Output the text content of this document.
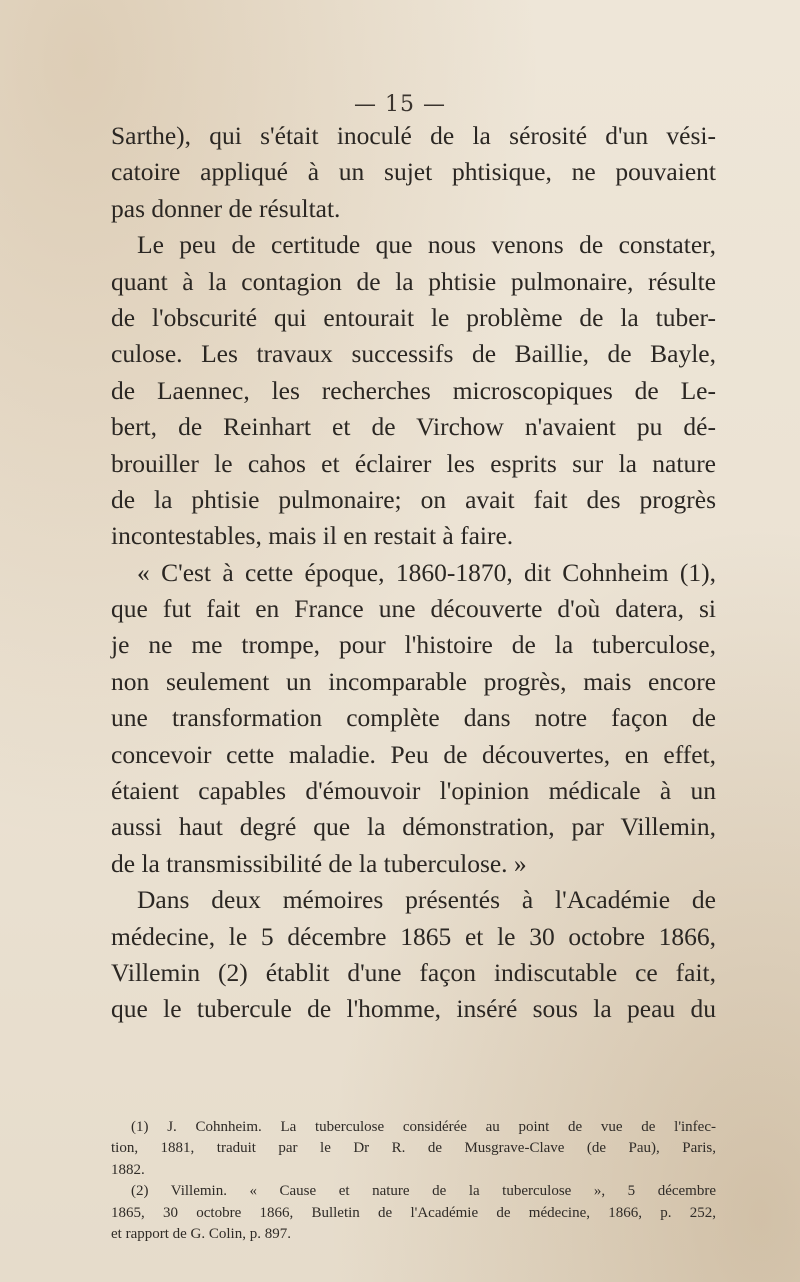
— 15 —
Sarthe), qui s'était inoculé de la sérosité d'un vési-
catoire appliqué à un sujet phtisique, ne pouvaient
pas donner de résultat.
Le peu de certitude que nous venons de constater,
quant à la contagion de la phtisie pulmonaire, résulte
de l'obscurité qui entourait le problème de la tuber-
culose. Les travaux successifs de Baillie, de Bayle,
de Laennec, les recherches microscopiques de Le-
bert, de Reinhart et de Virchow n'avaient pu dé-
brouiller le cahos et éclairer les esprits sur la nature
de la phtisie pulmonaire; on avait fait des progrès
incontestables, mais il en restait à faire.
« C'est à cette époque, 1860-1870, dit Cohnheim (1),
que fut fait en France une découverte d'où datera, si
je ne me trompe, pour l'histoire de la tuberculose,
non seulement un incomparable progrès, mais encore
une transformation complète dans notre façon de
concevoir cette maladie. Peu de découvertes, en effet,
étaient capables d'émouvoir l'opinion médicale à un
aussi haut degré que la démonstration, par Villemin,
de la transmissibilité de la tuberculose. »
Dans deux mémoires présentés à l'Académie de
médecine, le 5 décembre 1865 et le 30 octobre 1866,
Villemin (2) établit d'une façon indiscutable ce fait,
que le tubercule de l'homme, inséré sous la peau du
(1) J. Cohnheim. La tuberculose considérée au point de vue de l'infec-
tion, 1881, traduit par le Dr R. de Musgrave-Clave (de Pau), Paris,
1882.
(2) Villemin. « Cause et nature de la tuberculose », 5 décembre
1865, 30 octobre 1866, Bulletin de l'Académie de médecine, 1866, p. 252,
et rapport de G. Colin, p. 897.
